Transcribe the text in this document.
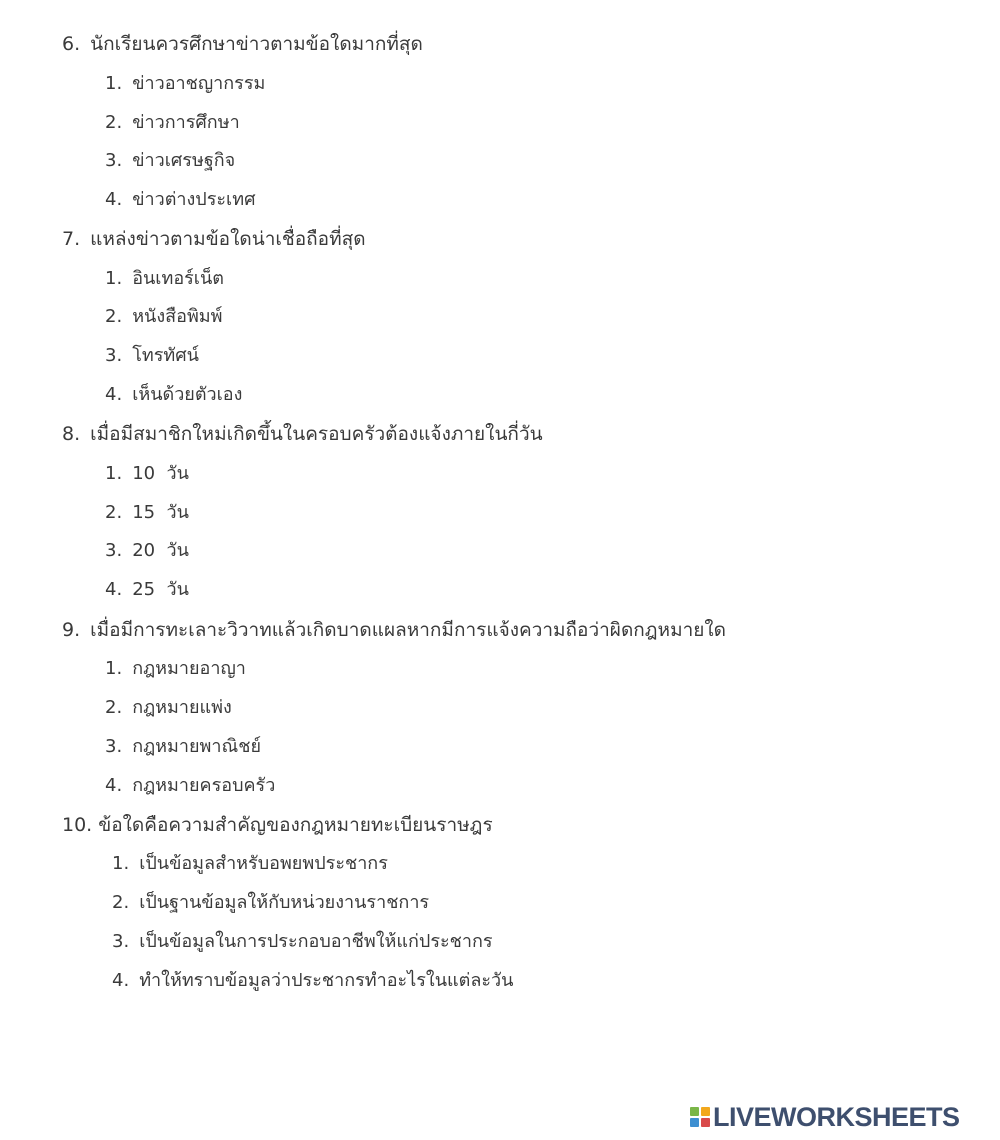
6. นักเรียนควรศึกษาข่าวตามข้อใดมากที่สุด
1. ข่าวอาชญากรรม
2. ข่าวการศึกษา
3. ข่าวเศรษฐกิจ
4. ข่าวต่างประเทศ
7. แหล่งข่าวตามข้อใดน่าเชื่อถือที่สุด
1. อินเทอร์เน็ต
2. หนังสือพิมพ์
3. โทรทัศน์
4. เห็นด้วยตัวเอง
8. เมื่อมีสมาชิกใหม่เกิดขึ้นในครอบครัวต้องแจ้งภายในกี่วัน
1. 10  วัน
2. 15  วัน
3. 20  วัน
4. 25  วัน
9. เมื่อมีการทะเลาะวิวาทแล้วเกิดบาดแผลหากมีการแจ้งความถือว่าผิดกฎหมายใด
1. กฎหมายอาญา
2. กฎหมายแพ่ง
3. กฎหมายพาณิชย์
4. กฎหมายครอบครัว
10. ข้อใดคือความสำคัญของกฎหมายทะเบียนราษฎร
1. เป็นข้อมูลสำหรับอพยพประชากร
2. เป็นฐานข้อมูลให้กับหน่วยงานราชการ
3. เป็นข้อมูลในการประกอบอาชีพให้แก่ประชากร
4. ทำให้ทราบข้อมูลว่าประชากรทำอะไรในแต่ละวัน
LIVEWORKSHEETS
